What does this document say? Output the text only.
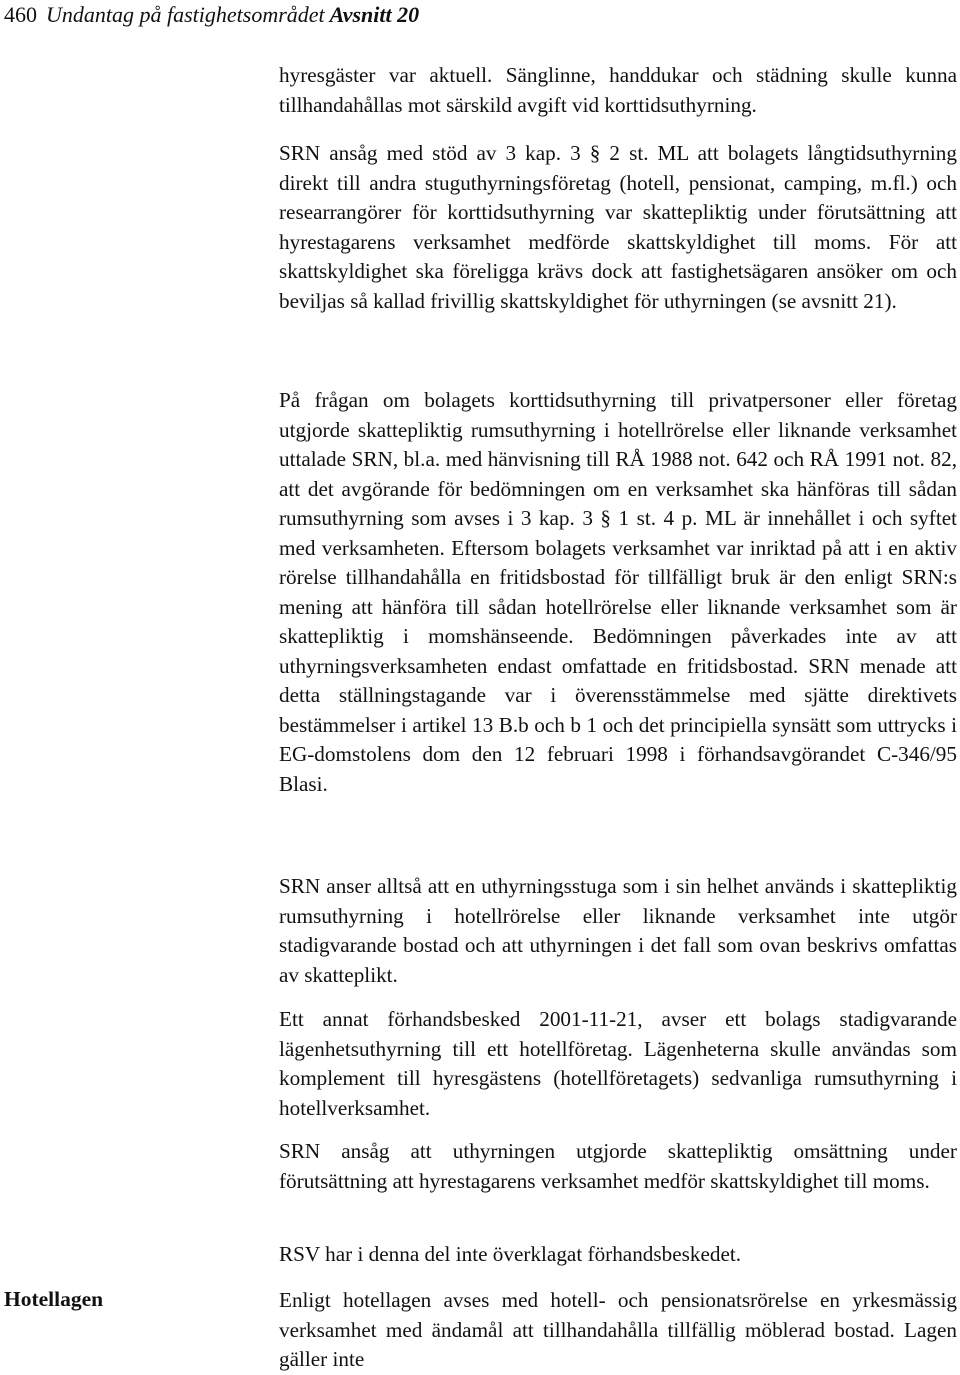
460 Undantag på fastighetsområdet Avsnitt 20
Hotellagen

hyresgäster var aktuell. Sänglinne, handdukar och städning skulle kunna tillhandahållas mot särskild avgift vid korttidsuthyrning.

SRN ansåg med stöd av 3 kap. 3 § 2 st. ML att bolagets långtidsuthyrning direkt till andra stuguthyrningsföretag (hotell, pensionat, camping, m.fl.) och researrangörer för korttidsuthyrning var skattepliktig under förutsättning att hyrestagarens verksamhet medförde skattskyldighet till moms. För att skattskyldighet ska föreligga krävs dock att fastighetsägaren ansöker om och beviljas så kallad frivillig skattskyldighet för uthyrningen (se avsnitt 21).

På frågan om bolagets korttidsuthyrning till privatpersoner eller företag utgjorde skattepliktig rumsuthyrning i hotellrörelse eller liknande verksamhet uttalade SRN, bl.a. med hänvisning till RÅ 1988 not. 642 och RÅ 1991 not. 82, att det avgörande för bedömningen om en verksamhet ska hänföras till sådan rumsuthyrning som avses i 3 kap. 3 § 1 st. 4 p. ML är innehållet i och syftet med verksamheten. Eftersom bolagets verksamhet var inriktad på att i en aktiv rörelse tillhandahålla en fritidsbostad för tillfälligt bruk är den enligt SRN:s mening att hänföra till sådan hotellrörelse eller liknande verksamhet som är skattepliktig i momshänseende. Bedömningen påverkades inte av att uthyrningsverksamheten endast omfattade en fritidsbostad. SRN menade att detta ställningstagande var i överensstämmelse med sjätte direktivets bestämmelser i artikel 13 B.b och b 1 och det principiella synsätt som uttrycks i EG-domstolens dom den 12 februari 1998 i förhandsavgörandet C-346/95 Blasi.

SRN anser alltså att en uthyrningsstuga som i sin helhet används i skattepliktig rumsuthyrning i hotellrörelse eller liknande verksamhet inte utgör stadigvarande bostad och att uthyrningen i det fall som ovan beskrivs omfattas av skatteplikt.

Ett annat förhandsbesked 2001-11-21, avser ett bolags stadigvarande lägenhetsuthyrning till ett hotellföretag. Lägenheterna skulle användas som komplement till hyresgästens (hotellföretagets) sedvanliga rumsuthyrning i hotellverksamhet.

SRN ansåg att uthyrningen utgjorde skattepliktig omsättning under förutsättning att hyrestagarens verksamhet medför skattskyldighet till moms.

RSV har i denna del inte överklagat förhandsbeskedet.

Enligt hotellagen avses med hotell- och pensionatsrörelse en yrkesmässig verksamhet med ändamål att tillhandahålla tillfällig möblerad bostad. Lagen gäller inte
